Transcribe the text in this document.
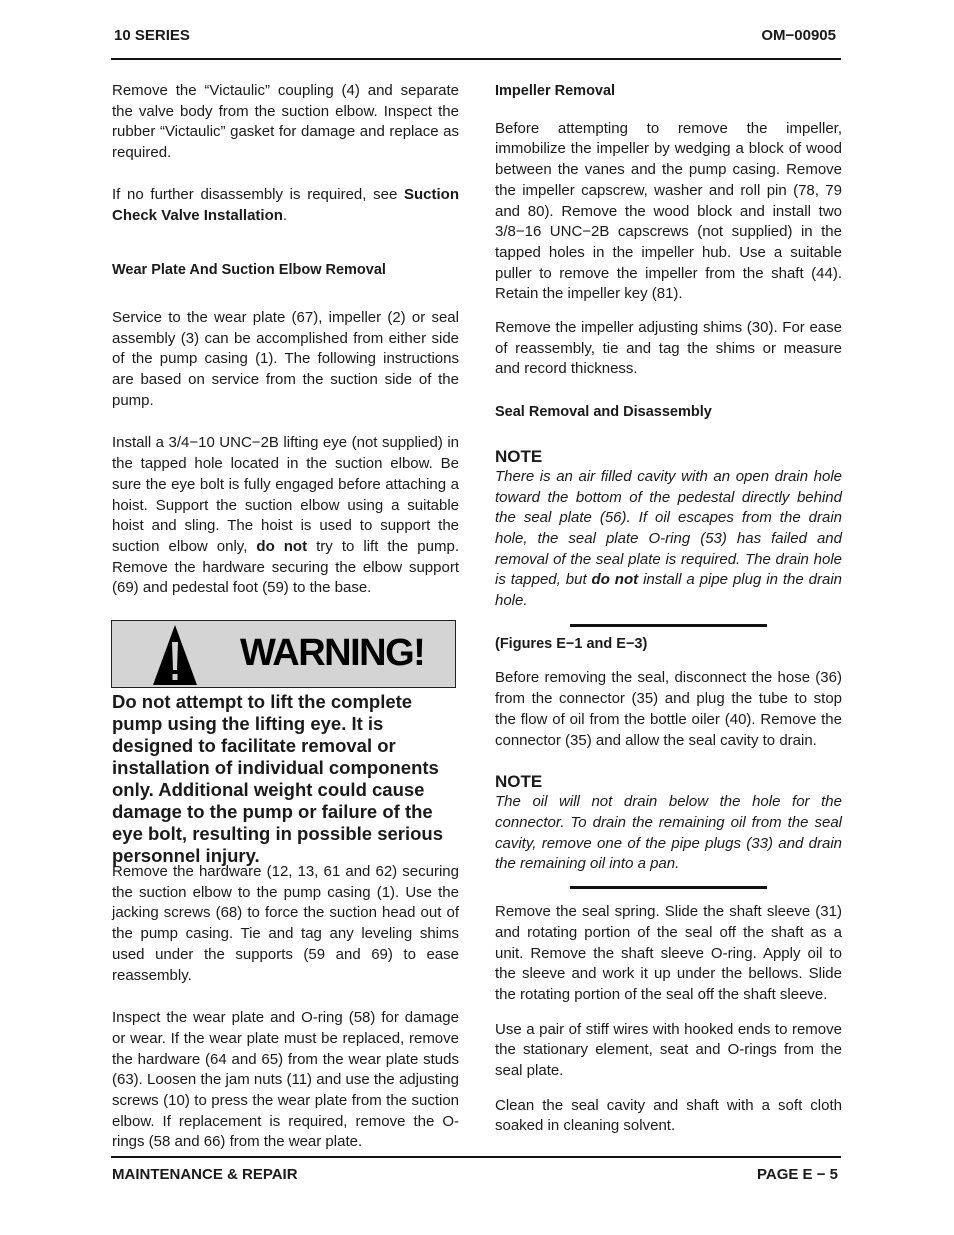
10 SERIES	OM−00905

Remove the “Victaulic” coupling (4) and separate the valve body from the suction elbow. Inspect the rubber “Victaulic” gasket for damage and replace as required.

If no further disassembly is required, see Suction Check Valve Installation.

Wear Plate And Suction Elbow Removal

Service to the wear plate (67), impeller (2) or seal assembly (3) can be accomplished from either side of the pump casing (1). The following instructions are based on service from the suction side of the pump.

Install a 3/4−10 UNC−2B lifting eye (not supplied) in the tapped hole located in the suction elbow. Be sure the eye bolt is fully engaged before attaching a hoist. Support the suction elbow using a suitable hoist and sling. The hoist is used to support the suction elbow only, do not try to lift the pump. Remove the hardware securing the elbow support (69) and pedestal foot (59) to the base.

WARNING!
Do not attempt to lift the complete pump using the lifting eye. It is designed to facilitate removal or installation of individual components only. Additional weight could cause damage to the pump or failure of the eye bolt, resulting in possible serious personnel injury.

Remove the hardware (12, 13, 61 and 62) securing the suction elbow to the pump casing (1). Use the jacking screws (68) to force the suction head out of the pump casing. Tie and tag any leveling shims used under the supports (59 and 69) to ease reassembly.

Inspect the wear plate and O-ring (58) for damage or wear. If the wear plate must be replaced, remove the hardware (64 and 65) from the wear plate studs (63). Loosen the jam nuts (11) and use the adjusting screws (10) to press the wear plate from the suction elbow. If replacement is required, remove the O-rings (58 and 66) from the wear plate.

Impeller Removal

Before attempting to remove the impeller, immobilize the impeller by wedging a block of wood between the vanes and the pump casing. Remove the impeller capscrew, washer and roll pin (78, 79 and 80). Remove the wood block and install two 3/8−16 UNC−2B capscrews (not supplied) in the tapped holes in the impeller hub. Use a suitable puller to remove the impeller from the shaft (44). Retain the impeller key (81).

Remove the impeller adjusting shims (30). For ease of reassembly, tie and tag the shims or measure and record thickness.

Seal Removal and Disassembly

NOTE

There is an air filled cavity with an open drain hole toward the bottom of the pedestal directly behind the seal plate (56). If oil escapes from the drain hole, the seal plate O-ring (53) has failed and removal of the seal plate is required. The drain hole is tapped, but do not install a pipe plug in the drain hole.

(Figures E−1 and E−3)

Before removing the seal, disconnect the hose (36) from the connector (35) and plug the tube to stop the flow of oil from the bottle oiler (40). Remove the connector (35) and allow the seal cavity to drain.

NOTE

The oil will not drain below the hole for the connector. To drain the remaining oil from the seal cavity, remove one of the pipe plugs (33) and drain the remaining oil into a pan.

Remove the seal spring. Slide the shaft sleeve (31) and rotating portion of the seal off the shaft as a unit. Remove the shaft sleeve O-ring. Apply oil to the sleeve and work it up under the bellows. Slide the rotating portion of the seal off the shaft sleeve.

Use a pair of stiff wires with hooked ends to remove the stationary element, seat and O-rings from the seal plate.

Clean the seal cavity and shaft with a soft cloth soaked in cleaning solvent.

MAINTENANCE & REPAIR	PAGE E − 5
